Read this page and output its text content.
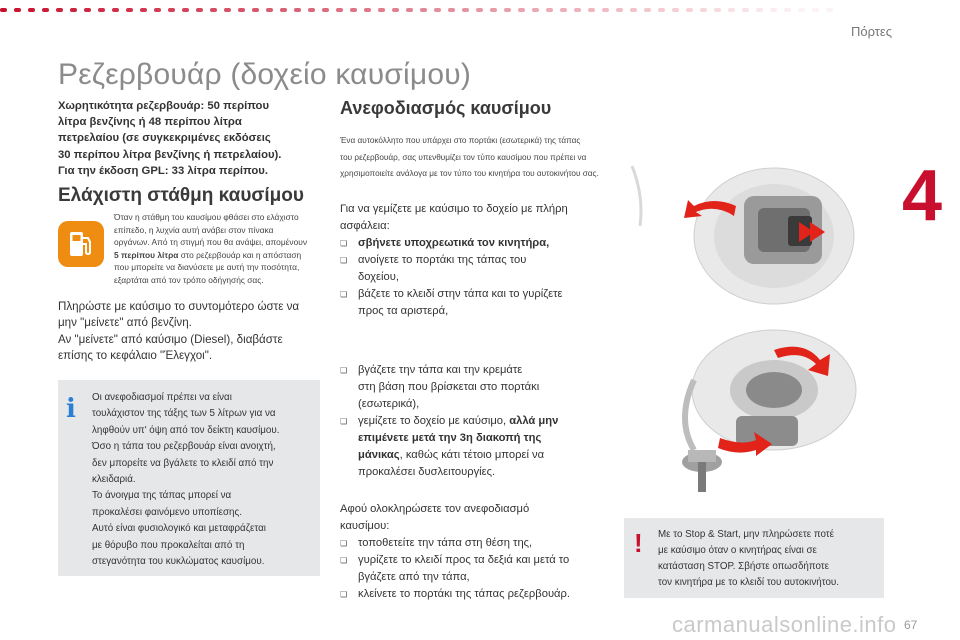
Πόρτες
4
Ρεζερβουάρ (δοχείο καυσίμου)
Χωρητικότητα ρεζερβουάρ: 50 περίπου
λίτρα βενζίνης ή 48 περίπου λίτρα
πετρελαίου (σε συγκεκριμένες εκδόσεις
30 περίπου λίτρα βενζίνης ή πετρελαίου).
Για την έκδοση GPL: 33 λίτρα περίπου.
Ελάχιστη στάθμη καυσίμου
Όταν η στάθμη του καυσίμου φθάσει στο ελάχιστο
επίπεδο, η λυχνία αυτή ανάβει στον πίνακα
οργάνων. Από τη στιγμή που θα ανάψει, απομένουν
5 περίπου λίτρα στο ρεζερβουάρ και η απόσταση
που μπορείτε να διανύσετε με αυτή την ποσότητα,
εξαρτάται από τον τρόπο οδήγησής σας.
Πληρώστε με καύσιμο το συντομότερο ώστε να
μην "μείνετε" από βενζίνη.
Αν "μείνετε" από καύσιμο (Diesel), διαβάστε
επίσης το κεφάλαιο "Έλεγχοι".
i	Οι ανεφοδιασμοί πρέπει να είναι
τουλάχιστον της τάξης των 5 λίτρων για να
ληφθούν υπ' όψη από τον δείκτη καυσίμου.
Όσο η τάπα του ρεζερβουάρ είναι ανοιχτή,
δεν μπορείτε να βγάλετε το κλειδί από την
κλειδαριά.
Το άνοιγμα της τάπας μπορεί να
προκαλέσει φαινόμενο υποπίεσης.
Αυτό είναι φυσιολογικό και μεταφράζεται
με θόρυβο που προκαλείται από τη
στεγανότητα του κυκλώματος καυσίμου.
Ανεφοδιασμός καυσίμου
Ένα αυτοκόλλητο που υπάρχει στο πορτάκι (εσωτερικά) της τάπας
του ρεζερβουάρ, σας υπενθυμίζει τον τύπο καυσίμου που πρέπει να
χρησιμοποιείτε ανάλογα με τον τύπο του κινητήρα του αυτοκινήτου σας.
Για να γεμίζετε με καύσιμο το δοχείο με πλήρη
ασφάλεια:
❏ σβήνετε υποχρεωτικά τον κινητήρα,
❏ ανοίγετε το πορτάκι της τάπας του
δοχείου,
❏ βάζετε το κλειδί στην τάπα και το γυρίζετε
προς τα αριστερά,
❏ βγάζετε την τάπα και την κρεμάτε
στη βάση που βρίσκεται στο πορτάκι
(εσωτερικά),
❏ γεμίζετε το δοχείο με καύσιμο, αλλά μην
επιμένετε μετά την 3η διακοπή της
μάνικας, καθώς κάτι τέτοιο μπορεί να
προκαλέσει δυσλειτουργίες.
Αφού ολοκληρώσετε τον ανεφοδιασμό
καυσίμου:
❏ τοποθετείτε την τάπα στη θέση της,
❏ γυρίζετε το κλειδί προς τα δεξιά και μετά το
βγάζετε από την τάπα,
❏ κλείνετε το πορτάκι της τάπας ρεζερβουάρ.
!	Με το Stop & Start, μην πληρώσετε ποτέ
με καύσιμο όταν ο κινητήρας είναι σε
κατάσταση STOP. Σβήστε οπωσδήποτε
τον κινητήρα με το κλειδί του αυτοκινήτου.
carmanualsonline.info 67
